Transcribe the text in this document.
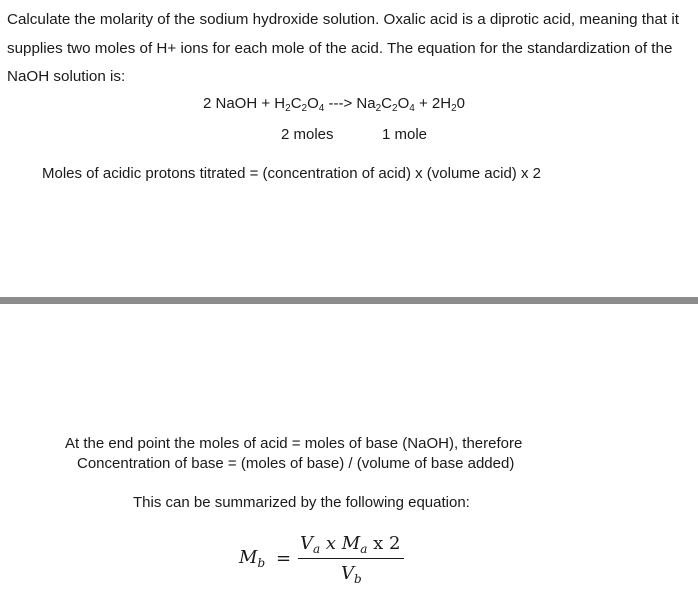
Calculate the molarity of the sodium hydroxide solution. Oxalic acid is a diprotic acid, meaning that it supplies two moles of H+ ions for each mole of the acid. The equation for the standardization of the NaOH solution is:
2 NaOH + $H_2C_2O_4$ ---> $Na_2C_2O_4 + 2H_20$
2 moles	1 mole
Moles of acidic protons titrated = (concentration of acid) x (volume acid) x 2
At the end point the moles of acid = moles of base (NaOH), therefore
Concentration of base = (moles of base) / (volume of base added)
This can be summarized by the following equation:
$M_b$ =
$V_a$ x $M_a$ x 2
$V_b$
